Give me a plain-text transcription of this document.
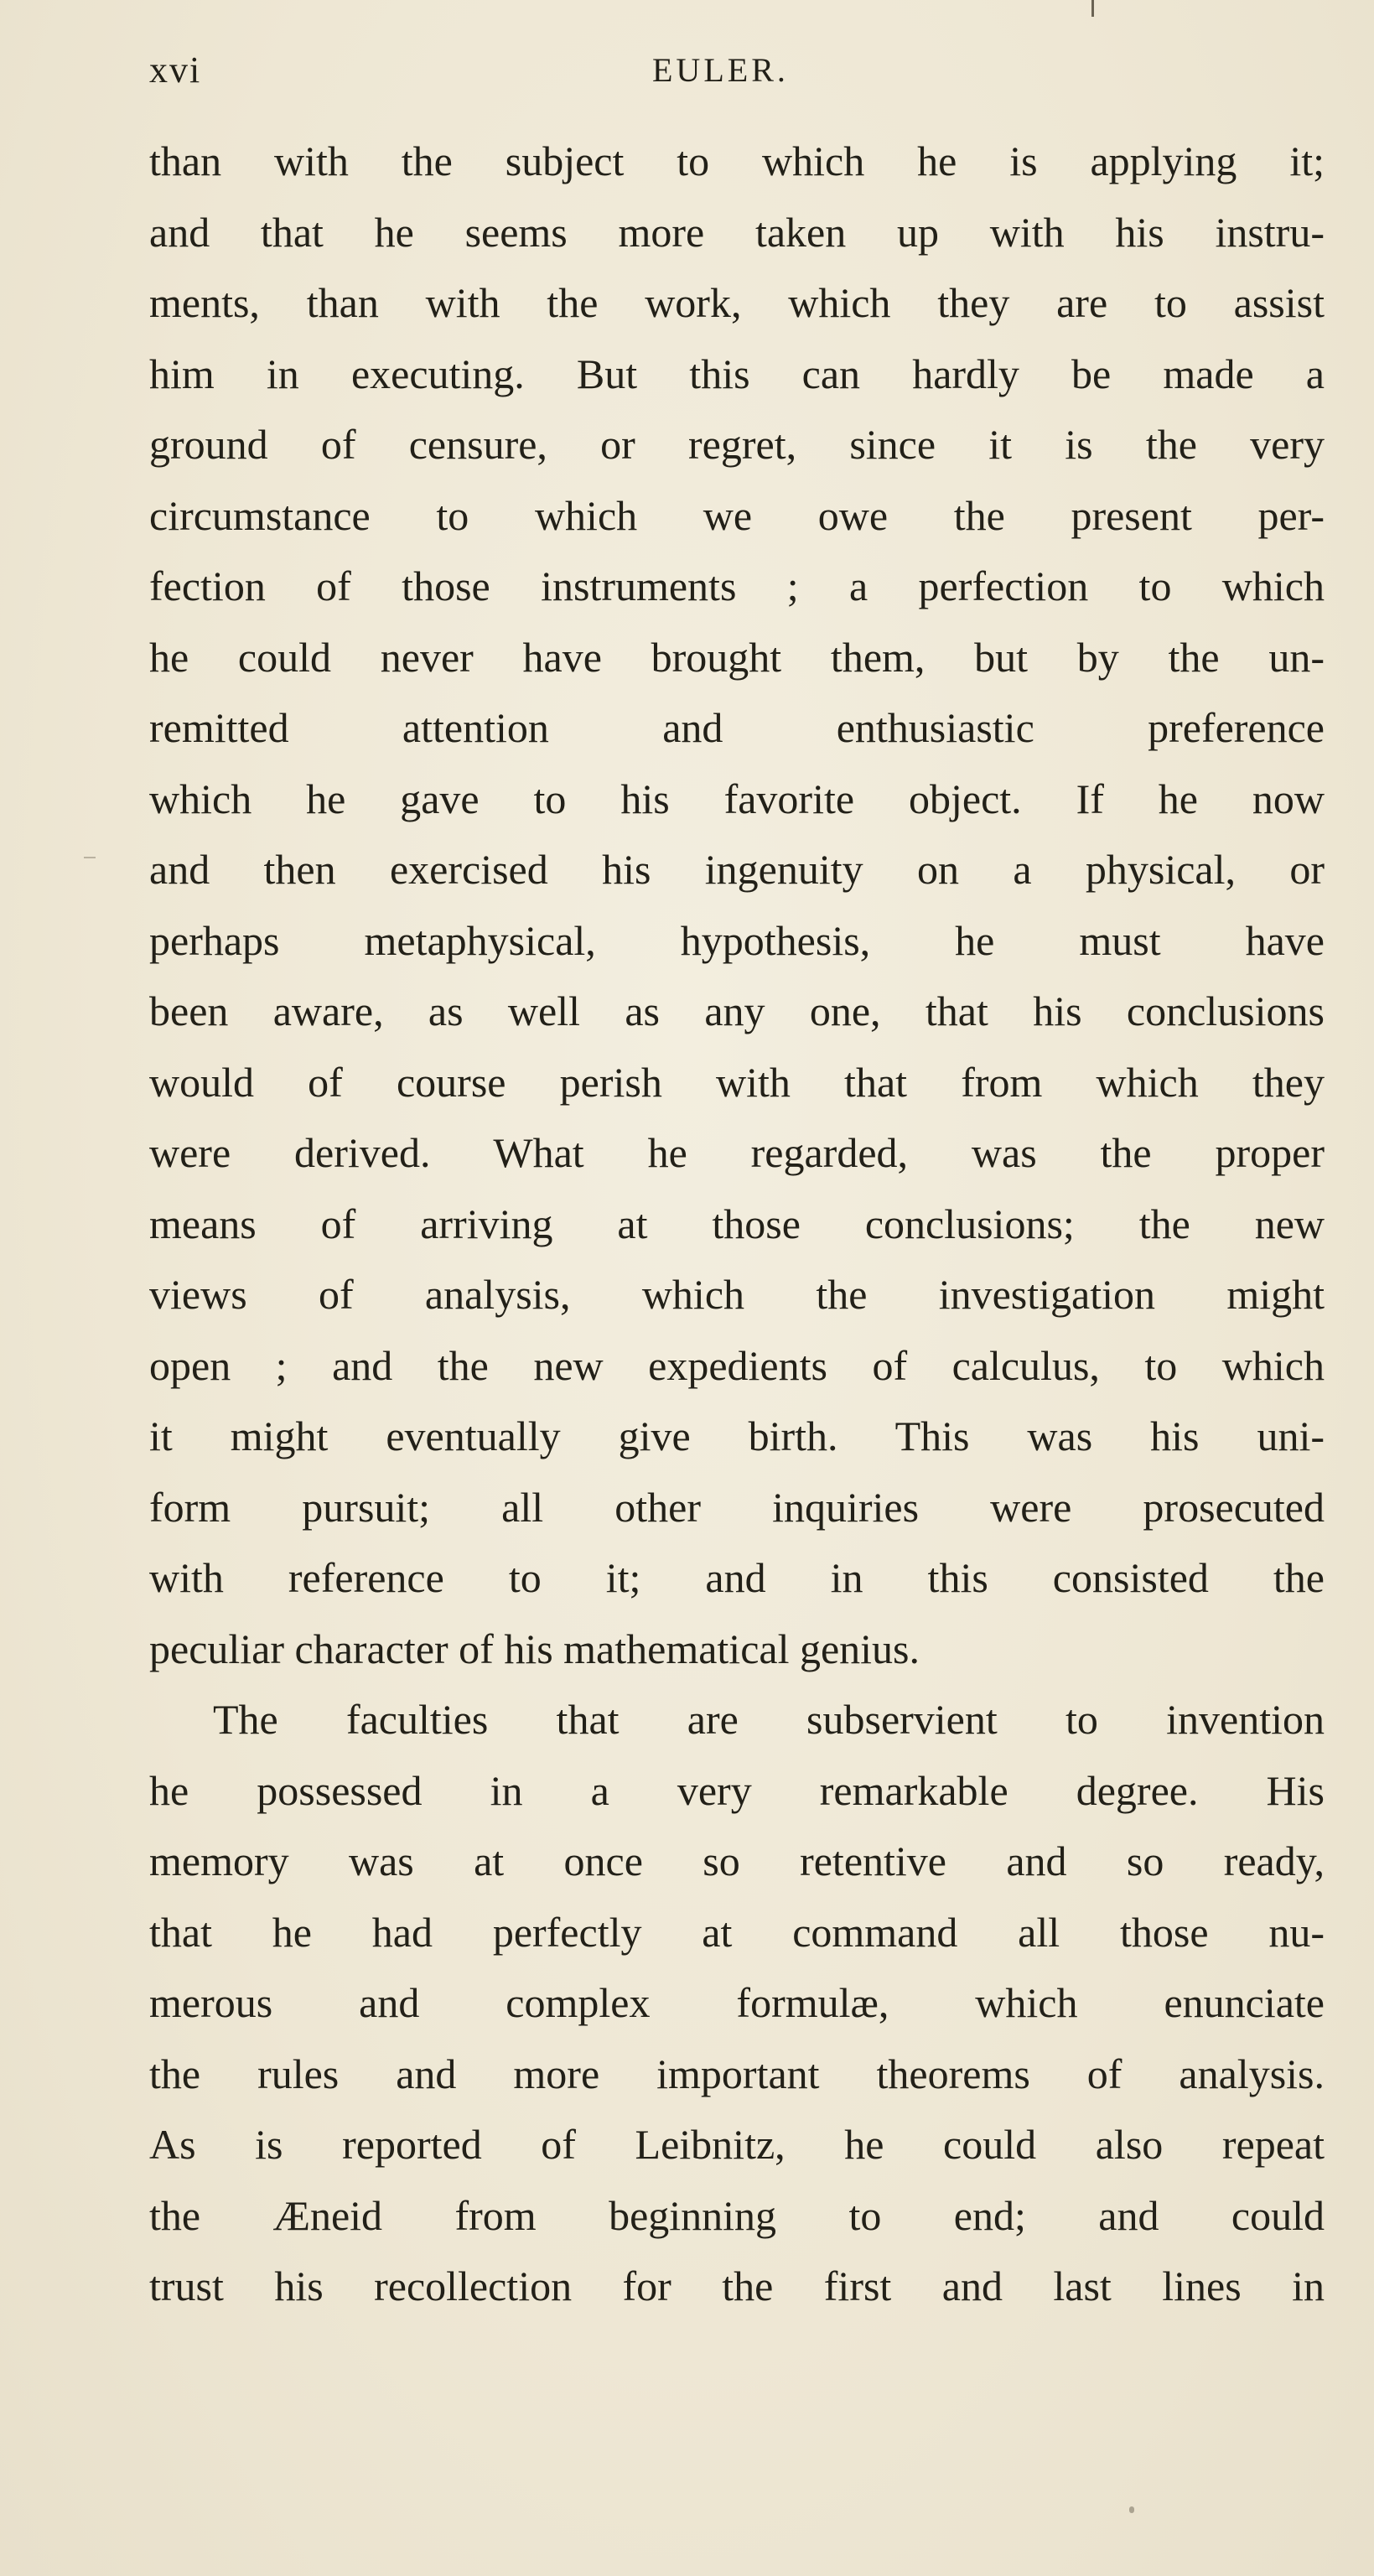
xvi	EULER.
than with the subject to which he is applying it;
and that he seems more taken up with his instru-
ments, than with the work, which they are to assist
him in executing. But this can hardly be made a
ground of censure, or regret, since it is the very
circumstance to which we owe the present per-
fection of those instruments ; a perfection to which
he could never have brought them, but by the un-
remitted attention and enthusiastic preference
which he gave to his favorite object. If he now
and then exercised his ingenuity on a physical, or
perhaps metaphysical, hypothesis, he must have
been aware, as well as any one, that his conclusions
would of course perish with that from which they
were derived. What he regarded, was the proper
means of arriving at those conclusions; the new
views of analysis, which the investigation might
open ; and the new expedients of calculus, to which
it might eventually give birth. This was his uni-
form pursuit; all other inquiries were prosecuted
with reference to it; and in this consisted the
peculiar character of his mathematical genius.
The faculties that are subservient to invention
he possessed in a very remarkable degree. His
memory was at once so retentive and so ready,
that he had perfectly at command all those nu-
merous and complex formulæ, which enunciate
the rules and more important theorems of analysis.
As is reported of Leibnitz, he could also repeat
the Æneid from beginning to end; and could
trust his recollection for the first and last lines in
